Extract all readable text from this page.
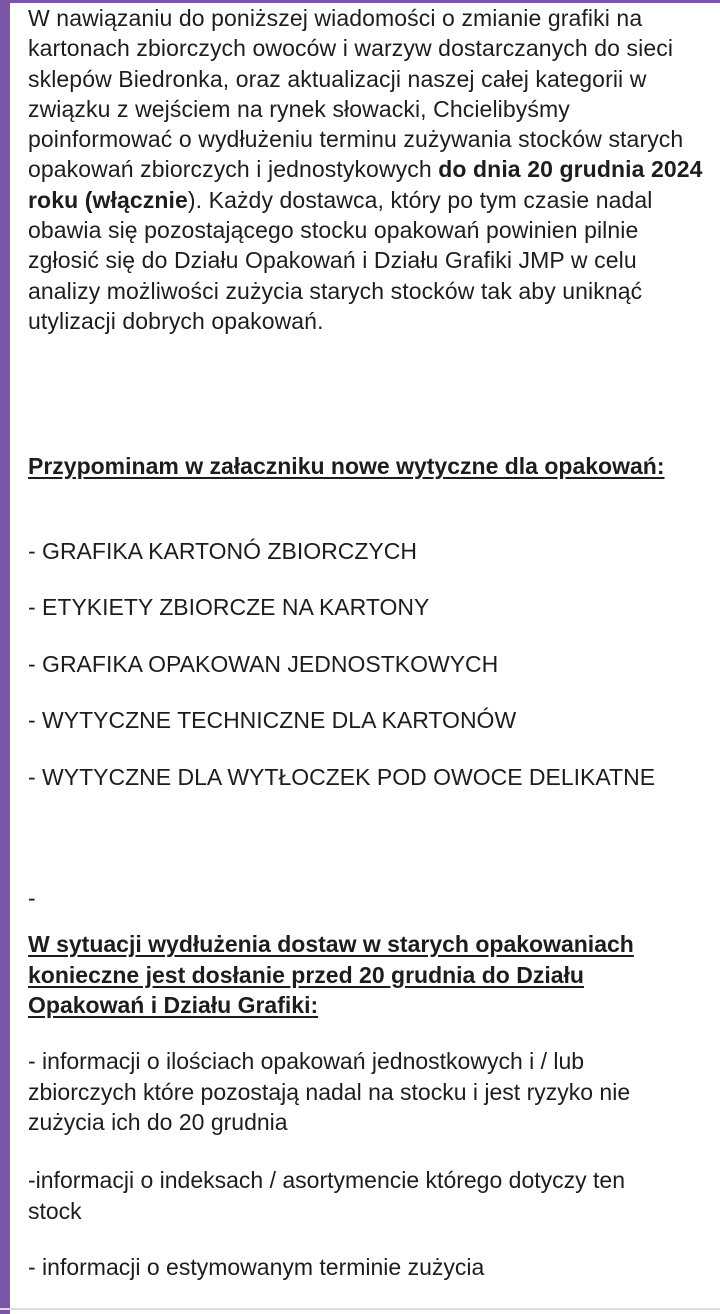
W nawiązaniu do poniższej wiadomości o zmianie grafiki na kartonach zbiorczych owoców i warzyw dostarczanych do sieci sklepów Biedronka, oraz aktualizacji naszej całej kategorii w związku z wejściem na rynek słowacki, Chcielibyśmy poinformować o wydłużeniu terminu zużywania stocków starych opakowań zbiorczych i jednostykowych do dnia 20 grudnia 2024 roku (włącznie). Każdy dostawca, który po tym czasie nadal obawia się pozostającego stocku opakowań powinien pilnie zgłosić się do Działu Opakowań i Działu Grafiki JMP w celu analizy możliwości zużycia starych stocków tak aby uniknąć utylizacji dobrych opakowań.

Przypominam w załaczniku nowe wytyczne dla opakowań:

- GRAFIKA KARTONÓ ZBIORCZYCH

- ETYKIETY ZBIORCZE NA KARTONY

- GRAFIKA OPAKOWAN JEDNOSTKOWYCH

- WYTYCZNE TECHNICZNE DLA KARTONÓW

- WYTYCZNE DLA WYTŁOCZEK POD OWOCE DELIKATNE

-

W sytuacji wydłużenia dostaw w starych opakowaniach konieczne jest dosłanie przed 20 grudnia do Działu Opakowań i Działu Grafiki:

- informacji o ilościach opakowań jednostkowych i / lub zbiorczych które pozostają nadal na stocku i jest ryzyko nie zużycia ich do 20 grudnia

-informacji o indeksach / asortymencie którego dotyczy ten stock

- informacji o estymowanym terminie zużycia
